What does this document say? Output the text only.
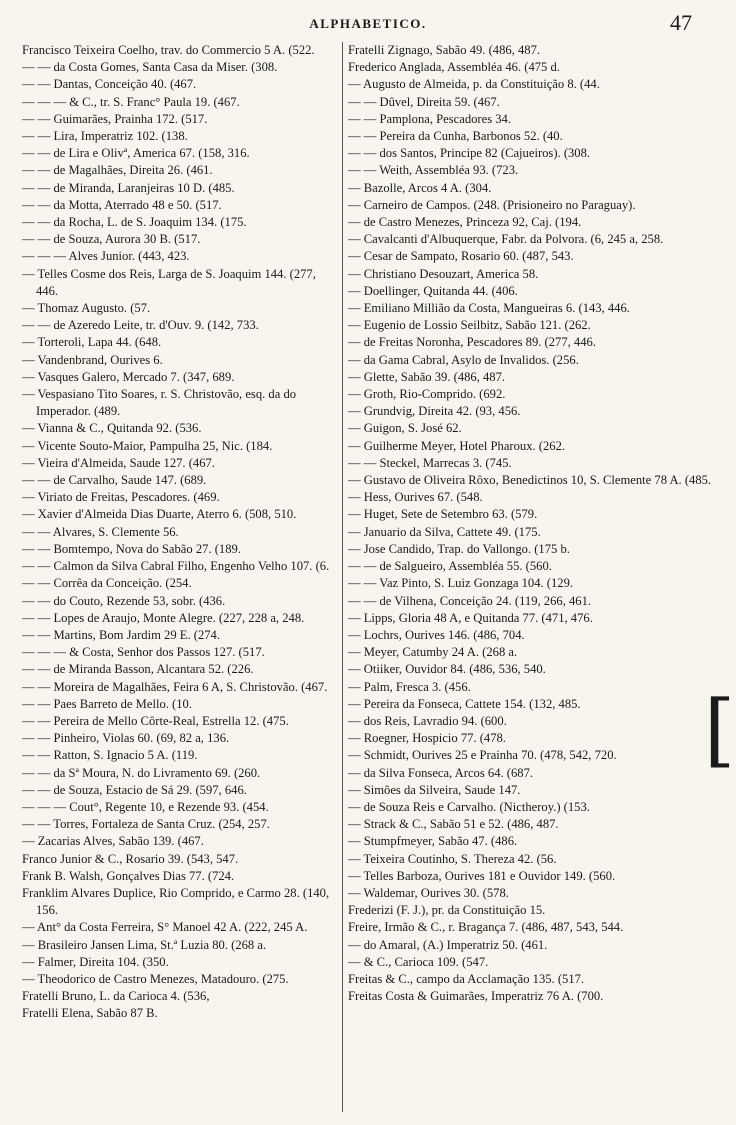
ALPHABETICO.	47
Francisco Teixeira Coelho, trav. do Commercio 5 A. (522.
— — da Costa Gomes, Santa Casa da Miser. (308.
— — Dantas, Conceição 40. (467.
— — — & C., tr. S. Franc° Paula 19. (467.
— — Guimarães, Prainha 172. (517.
— — Lira, Imperatriz 102. (138.
— — de Lira e Olivª, America 67. (158, 316.
— — de Magalhães, Direita 26. (461.
— — de Miranda, Laranjeiras 10 D. (485.
— — da Motta, Aterrado 48 e 50. (517.
— — da Rocha, L. de S. Joaquim 134. (175.
— — de Souza, Aurora 30 B. (517.
— — — Alves Junior. (443, 423.
— Telles Cosme dos Reis, Larga de S. Joaquim 144. (277, 446.
— Thomaz Augusto. (57.
— — de Azeredo Leite, tr. d'Ouv. 9. (142, 733.
— Torteroli, Lapa 44. (648.
— Vandenbrand, Ourives 6.
— Vasques Galero, Mercado 7. (347, 689.
— Vespasiano Tito Soares, r. S. Christovão, esq. da do Imperador. (489.
— Vianna & C., Quitanda 92. (536.
— Vicente Souto-Maior, Pampulha 25, Nic. (184.
— Vieira d'Almeida, Saude 127. (467.
— — de Carvalho, Saude 147. (689.
— Viriato de Freitas, Pescadores. (469.
— Xavier d'Almeida Dias Duarte, Aterro 6. (508, 510.
— — Alvares, S. Clemente 56.
— — Bomtempo, Nova do Sabão 27. (189.
— — Calmon da Silva Cabral Filho, Engenho Velho 107. (6.
— — Corrêa da Conceição. (254.
— — do Couto, Rezende 53, sobr. (436.
— — Lopes de Araujo, Monte Alegre. (227, 228 a, 248.
— — Martins, Bom Jardim 29 E. (274.
— — — & Costa, Senhor dos Passos 127. (517.
— — de Miranda Basson, Alcantara 52. (226.
— — Moreira de Magalhães, Feira 6 A, S. Christovão. (467.
— — Paes Barreto de Mello. (10.
— — Pereira de Mello Côrte-Real, Estrella 12. (475.
— — Pinheiro, Violas 60. (69, 82 a, 136.
— — Ratton, S. Ignacio 5 A. (119.
— — da Sª Moura, N. do Livramento 69. (260.
— — de Souza, Estacio de Sá 29. (597, 646.
— — — Cout°, Regente 10, e Rezende 93. (454.
— — Torres, Fortaleza de Santa Cruz. (254, 257.
— Zacarias Alves, Sabão 139. (467.
Franco Junior & C., Rosario 39. (543, 547.
Frank B. Walsh, Gonçalves Dias 77. (724.
Franklim Alvares Duplice, Rio Comprido, e Carmo 28. (140, 156.
— Ant° da Costa Ferreira, S° Manoel 42 A. (222, 245 A.
— Brasileiro Jansen Lima, St.ª Luzia 80. (268 a.
— Falmer, Direita 104. (350.
— Theodorico de Castro Menezes, Matadouro. (275.
Fratelli Bruno, L. da Carioca 4. (536,
Fratelli Elena, Sabão 87 B.
Fratelli Zignago, Sabão 49. (486, 487.
Frederico Anglada, Assembléa 46. (475 d.
— Augusto de Almeida, p. da Constituição 8. (44.
— — Dûvel, Direita 59. (467.
— — Pamplona, Pescadores 34.
— — Pereira da Cunha, Barbonos 52. (40.
— — dos Santos, Principe 82 (Cajueiros). (308.
— — Weith, Assembléa 93. (723.
— Bazolle, Arcos 4 A. (304.
— Carneiro de Campos. (248. (Prisioneiro no Paraguay).
— de Castro Menezes, Princeza 92, Caj. (194.
— Cavalcanti d'Albuquerque, Fabr. da Polvora. (6, 245 a, 258.
— Cesar de Sampato, Rosario 60. (487, 543.
— Christiano Desouzart, America 58.
— Doellinger, Quitanda 44. (406.
— Emiliano Millião da Costa, Mangueiras 6. (143, 446.
— Eugenio de Lossio Seilbitz, Sabão 121. (262.
— de Freitas Noronha, Pescadores 89. (277, 446.
— da Gama Cabral, Asylo de Invalidos. (256.
— Glette, Sabão 39. (486, 487.
— Groth, Rio-Comprido. (692.
— Grundvig, Direita 42. (93, 456.
— Guigon, S. José 62.
— Guilherme Meyer, Hotel Pharoux. (262.
— — Steckel, Marrecas 3. (745.
— Gustavo de Oliveira Rôxo, Benedictinos 10, S. Clemente 78 A. (485.
— Hess, Ourives 67. (548.
— Huget, Sete de Setembro 63. (579.
— Januario da Silva, Cattete 49. (175.
— Jose Candido, Trap. do Vallongo. (175 b.
— — de Salgueiro, Assembléa 55. (560.
— — Vaz Pinto, S. Luiz Gonzaga 104. (129.
— — de Vilhena, Conceição 24. (119, 266, 461.
— Lipps, Gloria 48 A, e Quitanda 77. (471, 476.
— Lochrs, Ourives 146. (486, 704.
— Meyer, Catumby 24 A. (268 a.
— Otiiker, Ouvidor 84. (486, 536, 540.
— Palm, Fresca 3. (456.
— Pereira da Fonseca, Cattete 154. (132, 485.
— dos Reis, Lavradio 94. (600.
— Roegner, Hospicio 77. (478.
— Schmidt, Ourives 25 e Prainha 70. (478, 542, 720.
— da Silva Fonseca, Arcos 64. (687.
— Simões da Silveira, Saude 147.
— de Souza Reis e Carvalho. (Nictheroy.) (153.
— Strack & C., Sabão 51 e 52. (486, 487.
— Stumpfmeyer, Sabão 47. (486.
— Teixeira Coutinho, S. Thereza 42. (56.
— Telles Barboza, Ourives 181 e Ouvidor 149. (560.
— Waldemar, Ourives 30. (578.
Frederizi (F. J.), pr. da Constituição 15.
Freire, Irmão & C., r. Bragança 7. (486, 487, 543, 544.
— do Amaral, (A.) Imperatriz 50. (461.
— & C., Carioca 109. (547.
Freitas & C., campo da Acclamação 135. (517.
Freitas Costa & Guimarães, Imperatriz 76 A. (700.
[
